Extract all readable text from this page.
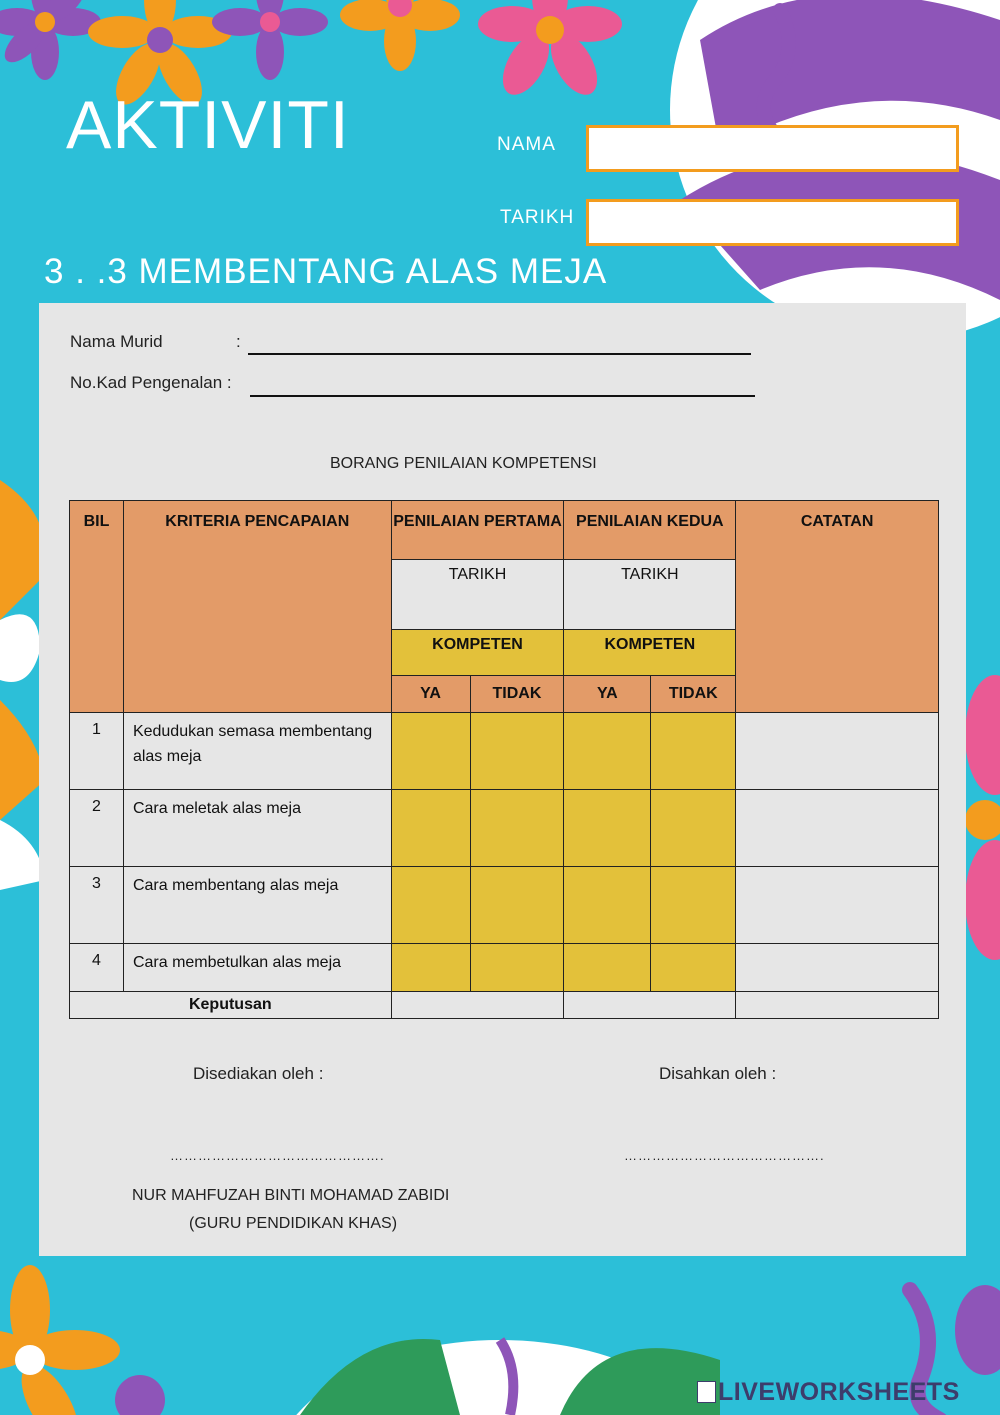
AKTIVITI	NAMA
TARIKH
3 . .3 MEMBENTANG ALAS MEJA
Nama Murid	:
No.Kad Pengenalan :
BORANG PENILAIAN KOMPETENSI
BIL	KRITERIA PENCAPAIAN	PENILAIAN PERTAMA		PENILAIAN KEDUA		CATATAN
		TARIKH		TARIKH		
		KOMPETEN		KOMPETEN		
		YA	TIDAK	YA	TIDAK	
1	Kedudukan semasa membentang alas meja					
2	Cara meletak alas meja					
3	Cara membentang alas meja					
4	Cara membetulkan alas meja					
Keputusan						
Disediakan oleh :	Disahkan oleh :
……………………………………….	…………………………………….
NUR MAHFUZAH BINTI MOHAMAD ZABIDI
(GURU PENDIDIKAN KHAS)
LIVEWORKSHEETS
